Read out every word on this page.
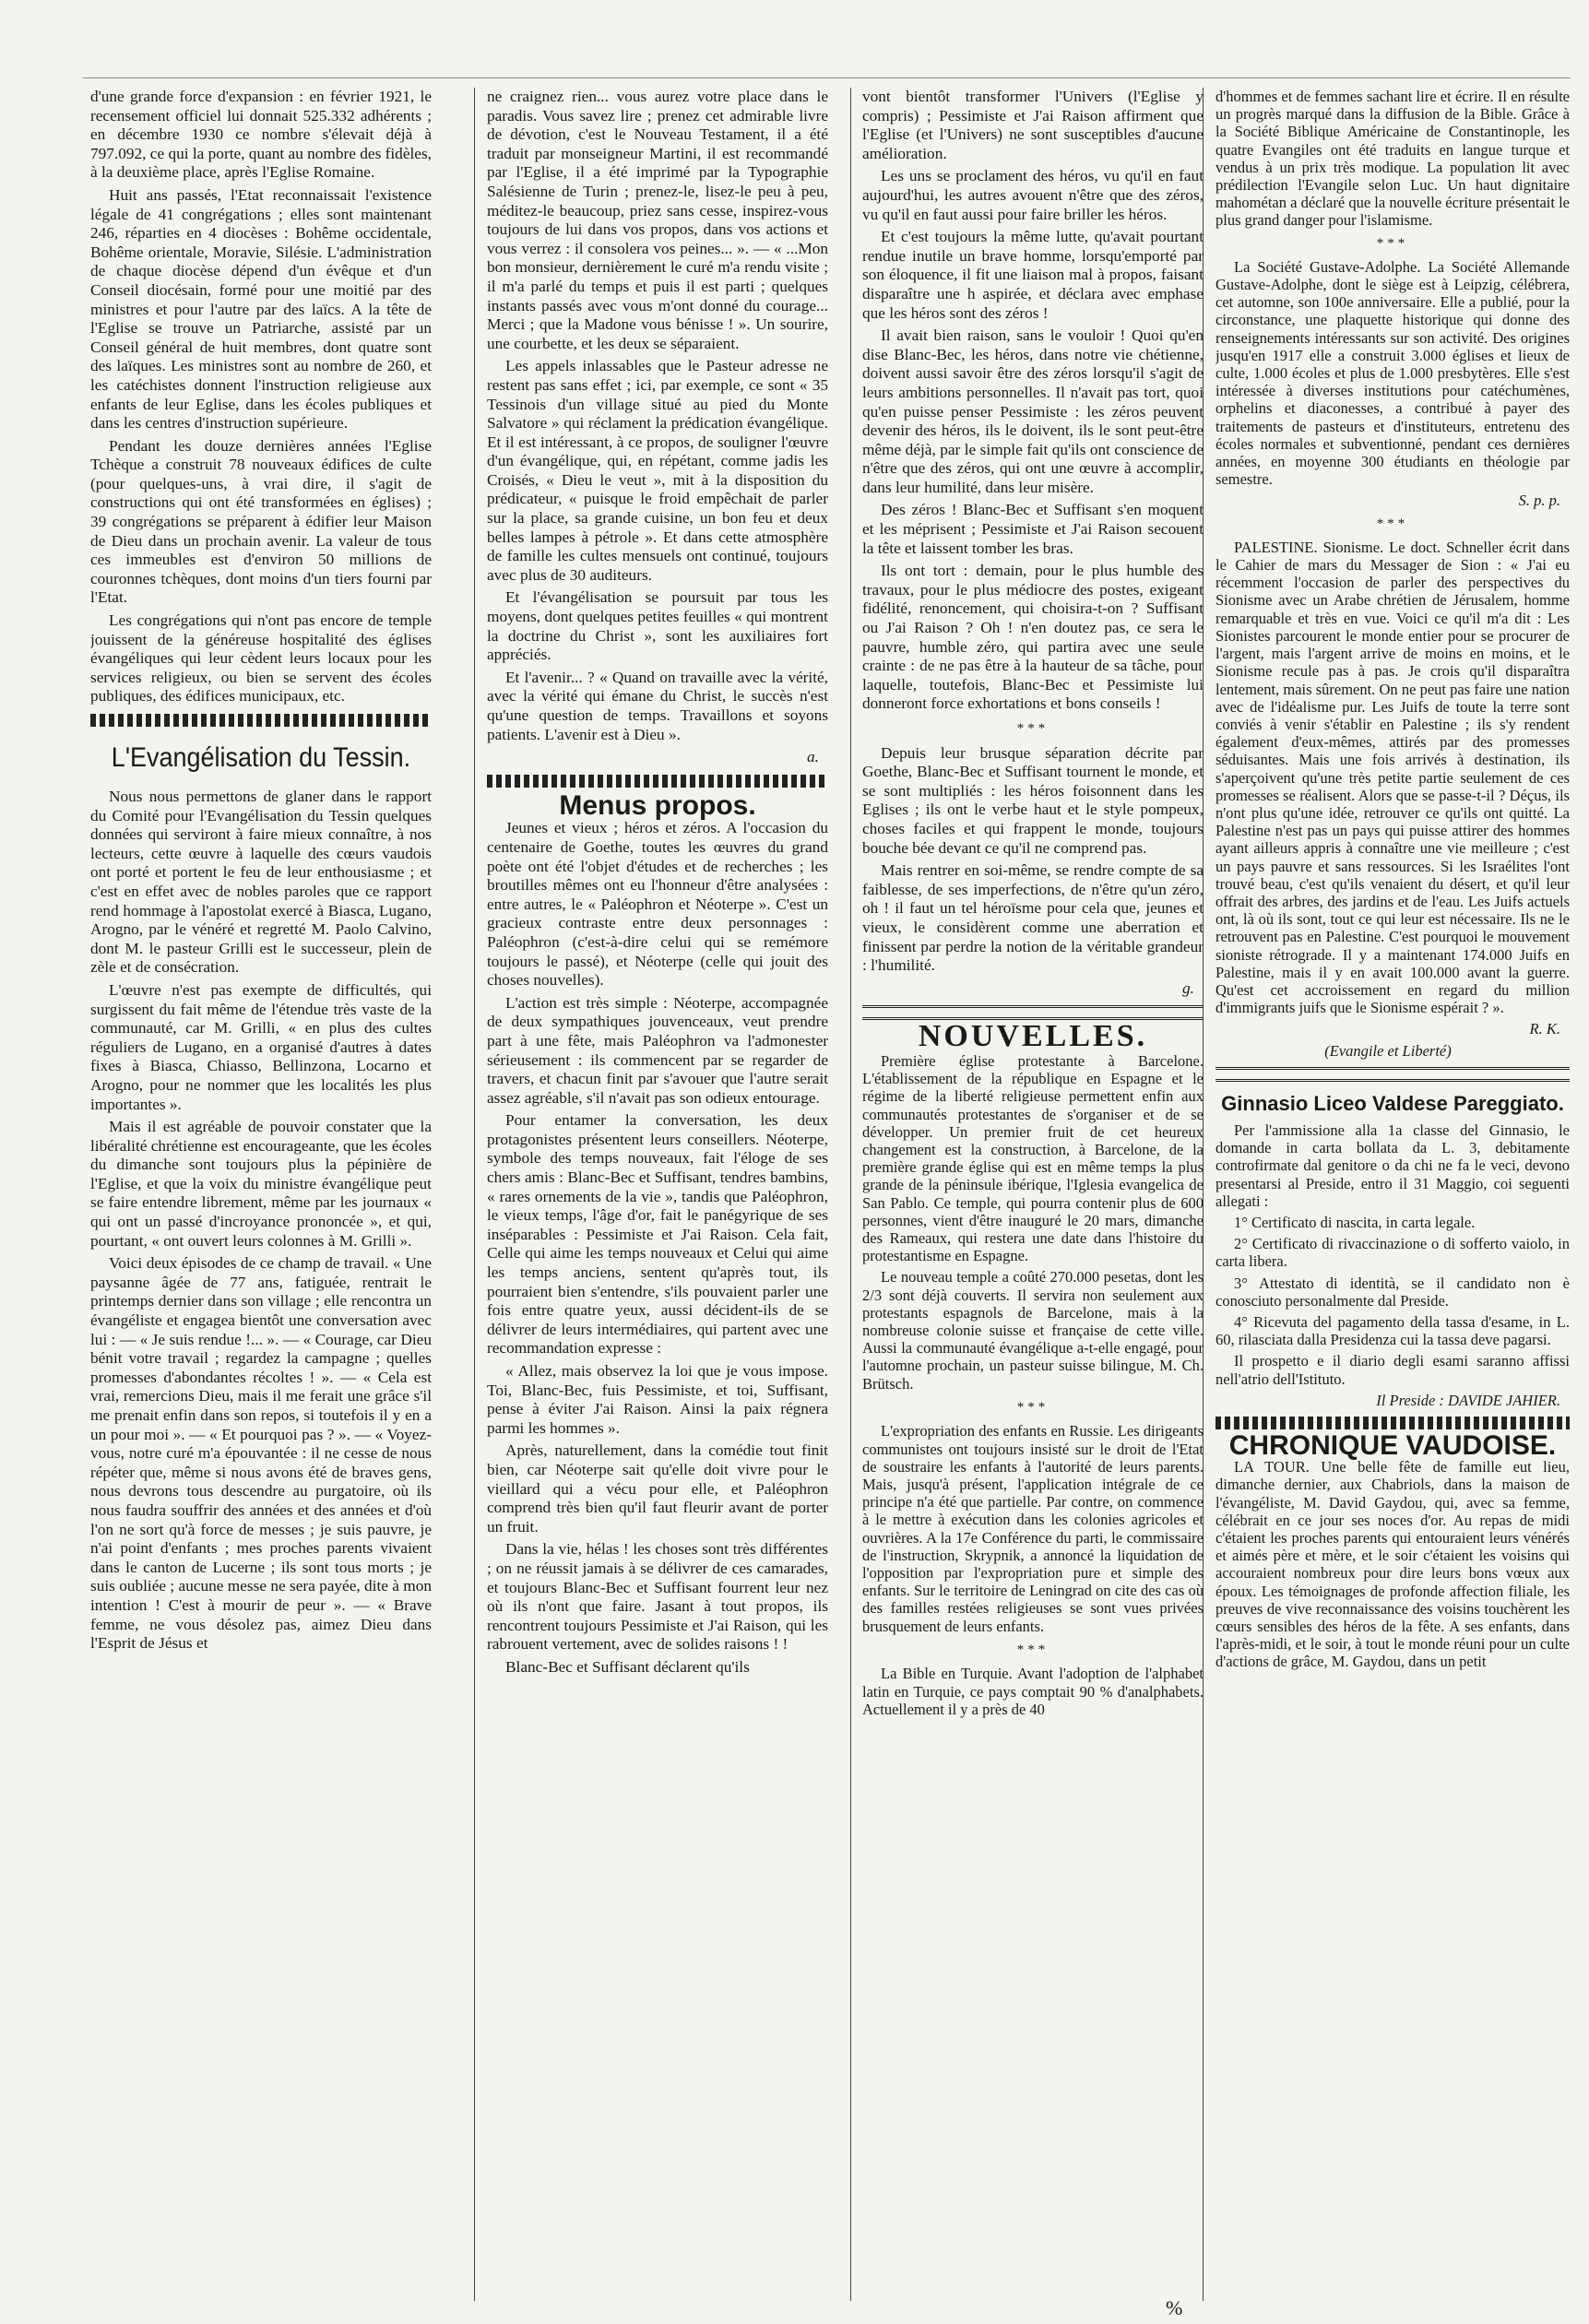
d'une grande force d'expansion : en février 1921, le recensement officiel lui donnait 525.332 adhérents ; en décembre 1930 ce nombre s'élevait déjà à 797.092, ce qui la porte, quant au nombre des fidèles, à la deuxième place, après l'Eglise Romaine.

Huit ans passés, l'Etat reconnaissait l'existence légale de 41 congrégations ; elles sont maintenant 246, réparties en 4 diocèses : Bohême occidentale, Bohême orientale, Moravie, Silésie. L'administration de chaque diocèse dépend d'un évêque et d'un Conseil diocésain, formé pour une moitié par des ministres et pour l'autre par des laïcs. A la tête de l'Eglise se trouve un Patriarche, assisté par un Conseil général de huit membres, dont quatre sont des laïques. Les ministres sont au nombre de 260, et les catéchistes donnent l'instruction religieuse aux enfants de leur Eglise, dans les écoles publiques et dans les centres d'instruction supérieure.

Pendant les douze dernières années l'Eglise Tchèque a construit 78 nouveaux édifices de culte (pour quelques-uns, à vrai dire, il s'agit de constructions qui ont été transformées en églises) ; 39 congrégations se préparent à édifier leur Maison de Dieu dans un prochain avenir. La valeur de tous ces immeubles est d'environ 50 millions de couronnes tchèques, dont moins d'un tiers fourni par l'Etat.

Les congrégations qui n'ont pas encore de temple jouissent de la généreuse hospitalité des églises évangéliques qui leur cèdent leurs locaux pour les services religieux, ou bien se servent des écoles publiques, des édifices municipaux, etc.

L'Evangélisation du Tessin.

Nous nous permettons de glaner dans le rapport du Comité pour l'Evangélisation du Tessin quelques données qui serviront à faire mieux connaître, à nos lecteurs, cette œuvre à laquelle des cœurs vaudois ont porté et portent le feu de leur enthousiasme ; et c'est en effet avec de nobles paroles que ce rapport rend hommage à l'apostolat exercé à Biasca, Lugano, Arogno, par le vénéré et regretté M. Paolo Calvino, dont M. le pasteur Grilli est le successeur, plein de zèle et de consécration.

L'œuvre n'est pas exempte de difficultés, qui surgissent du fait même de l'étendue très vaste de la communauté, car M. Grilli, « en plus des cultes réguliers de Lugano, en a organisé d'autres à dates fixes à Biasca, Chiasso, Bellinzona, Locarno et Arogno, pour ne nommer que les localités les plus importantes ».

Mais il est agréable de pouvoir constater que la libéralité chrétienne est encourageante, que les écoles du dimanche sont toujours plus la pépinière de l'Eglise, et que la voix du ministre évangélique peut se faire entendre librement, même par les journaux « qui ont un passé d'incroyance prononcée », et qui, pourtant, « ont ouvert leurs colonnes à M. Grilli ».

Voici deux épisodes de ce champ de travail. « Une paysanne âgée de 77 ans, fatiguée, rentrait le printemps dernier dans son village ; elle rencontra un évangéliste et engagea bientôt une conversation avec lui : — « Je suis rendue !... ». — « Courage, car Dieu bénit votre travail ; regardez la campagne ; quelles promesses d'abondantes récoltes ! ». — « Cela est vrai, remercions Dieu, mais il me ferait une grâce s'il me prenait enfin dans son repos, si toutefois il y en a un pour moi ». — « Et pourquoi pas ? ». — « Voyez-vous, notre curé m'a épouvantée : il ne cesse de nous répéter que, même si nous avons été de braves gens, nous devrons tous descendre au purgatoire, où ils nous faudra souffrir des années et des années et d'où l'on ne sort qu'à force de messes ; je suis pauvre, je n'ai point d'enfants ; mes proches parents vivaient dans le canton de Lucerne ; ils sont tous morts ; je suis oubliée ; aucune messe ne sera payée, dite à mon intention ! C'est à mourir de peur ». — « Brave femme, ne vous désolez pas, aimez Dieu dans l'Esprit de Jésus et

ne craignez rien... vous aurez votre place dans le paradis. Vous savez lire ; prenez cet admirable livre de dévotion, c'est le Nouveau Testament, il a été traduit par monseigneur Martini, il est recommandé par l'Eglise, il a été imprimé par la Typographie Salésienne de Turin ; prenez-le, lisez-le peu à peu, méditez-le beaucoup, priez sans cesse, inspirez-vous toujours de lui dans vos propos, dans vos actions et vous verrez : il consolera vos peines... ». — « ...Mon bon monsieur, dernièrement le curé m'a rendu visite ; il m'a parlé du temps et puis il est parti ; quelques instants passés avec vous m'ont donné du courage... Merci ; que la Madone vous bénisse ! ». Un sourire, une courbette, et les deux se séparaient.

Les appels inlassables que le Pasteur adresse ne restent pas sans effet ; ici, par exemple, ce sont « 35 Tessinois d'un village situé au pied du Monte Salvatore » qui réclament la prédication évangélique. Et il est intéressant, à ce propos, de souligner l'œuvre d'un évangélique, qui, en répétant, comme jadis les Croisés, « Dieu le veut », mit à la disposition du prédicateur, « puisque le froid empêchait de parler sur la place, sa grande cuisine, un bon feu et deux belles lampes à pétrole ». Et dans cette atmosphère de famille les cultes mensuels ont continué, toujours avec plus de 30 auditeurs.

Et l'évangélisation se poursuit par tous les moyens, dont quelques petites feuilles « qui montrent la doctrine du Christ », sont les auxiliaires fort appréciés.

Et l'avenir... ? « Quand on travaille avec la vérité, avec la vérité qui émane du Christ, le succès n'est qu'une question de temps. Travaillons et soyons patients. L'avenir est à Dieu ».

a.
Menus propos.

Jeunes et vieux ; héros et zéros. A l'occasion du centenaire de Goethe, toutes les œuvres du grand poète ont été l'objet d'études et de recherches ; les broutilles mêmes ont eu l'honneur d'être analysées : entre autres, le « Paléophron et Néoterpe ». C'est un gracieux contraste entre deux personnages : Paléophron (c'est-à-dire celui qui se remémore toujours le passé), et Néoterpe (celle qui jouit des choses nouvelles).

L'action est très simple : Néoterpe, accompagnée de deux sympathiques jouvenceaux, veut prendre part à une fête, mais Paléophron va l'admonester sérieusement : ils commencent par se regarder de travers, et chacun finit par s'avouer que l'autre serait assez agréable, s'il n'avait pas son odieux entourage.

Pour entamer la conversation, les deux protagonistes présentent leurs conseillers. Néoterpe, symbole des temps nouveaux, fait l'éloge de ses chers amis : Blanc-Bec et Suffisant, tendres bambins, « rares ornements de la vie », tandis que Paléophron, le vieux temps, l'âge d'or, fait le panégyrique de ses inséparables : Pessimiste et J'ai Raison. Cela fait, Celle qui aime les temps nouveaux et Celui qui aime les temps anciens, sentent qu'après tout, ils pourraient bien s'entendre, s'ils pouvaient parler une fois entre quatre yeux, aussi décident-ils de se délivrer de leurs intermédiaires, qui partent avec une recommandation expresse :

« Allez, mais observez la loi que je vous impose. Toi, Blanc-Bec, fuis Pessimiste, et toi, Suffisant, pense à éviter J'ai Raison. Ainsi la paix régnera parmi les hommes ».

Après, naturellement, dans la comédie tout finit bien, car Néoterpe sait qu'elle doit vivre pour le vieillard qui a vécu pour elle, et Paléophron comprend très bien qu'il faut fleurir avant de porter un fruit.

Dans la vie, hélas ! les choses sont très différentes ; on ne réussit jamais à se délivrer de ces camarades, et toujours Blanc-Bec et Suffisant fourrent leur nez où ils n'ont que faire. Jasant à tout propos, ils rencontrent toujours Pessimiste et J'ai Raison, qui les rabrouent vertement, avec de solides raisons ! !

Blanc-Bec et Suffisant déclarent qu'ils

vont bientôt transformer l'Univers (l'Eglise y compris) ; Pessimiste et J'ai Raison affirment que l'Eglise (et l'Univers) ne sont susceptibles d'aucune amélioration.

Les uns se proclament des héros, vu qu'il en faut aujourd'hui, les autres avouent n'être que des zéros, vu qu'il en faut aussi pour faire briller les héros.

Et c'est toujours la même lutte, qu'avait pourtant rendue inutile un brave homme, lorsqu'emporté par son éloquence, il fit une liaison mal à propos, faisant disparaître une h aspirée, et déclara avec emphase que les héros sont des zéros !

Il avait bien raison, sans le vouloir ! Quoi qu'en dise Blanc-Bec, les héros, dans notre vie chétienne, doivent aussi savoir être des zéros lorsqu'il s'agit de leurs ambitions personnelles. Il n'avait pas tort, quoi qu'en puisse penser Pessimiste : les zéros peuvent devenir des héros, ils le doivent, ils le sont peut-être même déjà, par le simple fait qu'ils ont conscience de n'être que des zéros, qui ont une œuvre à accomplir, dans leur humilité, dans leur misère.

Des zéros ! Blanc-Bec et Suffisant s'en moquent et les méprisent ; Pessimiste et J'ai Raison secouent la tête et laissent tomber les bras.

Ils ont tort : demain, pour le plus humble des travaux, pour le plus médiocre des postes, exigeant fidélité, renoncement, qui choisira-t-on ? Suffisant ou J'ai Raison ? Oh ! n'en doutez pas, ce sera le pauvre, humble zéro, qui partira avec une seule crainte : de ne pas être à la hauteur de sa tâche, pour laquelle, toutefois, Blanc-Bec et Pessimiste lui donneront force exhortations et bons conseils !

***

Depuis leur brusque séparation décrite par Goethe, Blanc-Bec et Suffisant tournent le monde, et se sont multipliés : les héros foisonnent dans les Eglises ; ils ont le verbe haut et le style pompeux, choses faciles et qui frappent le monde, toujours bouche bée devant ce qu'il ne comprend pas.

Mais rentrer en soi-même, se rendre compte de sa faiblesse, de ses imperfections, de n'être qu'un zéro, oh ! il faut un tel héroïsme pour cela que, jeunes et vieux, le considèrent comme une aberration et finissent par perdre la notion de la véritable grandeur : l'humilité.

g.
NOUVELLES.

Première église protestante à Barcelone. L'établissement de la république en Espagne et le régime de la liberté religieuse permettent enfin aux communautés protestantes de s'organiser et de se développer. Un premier fruit de cet heureux changement est la construction, à Barcelone, de la première grande église qui est en même temps la plus grande de la péninsule ibérique, l'Iglesia evangelica de San Pablo. Ce temple, qui pourra contenir plus de 600 personnes, vient d'être inauguré le 20 mars, dimanche des Rameaux, qui restera une date dans l'histoire du protestantisme en Espagne.

Le nouveau temple a coûté 270.000 pesetas, dont les 2/3 sont déjà couverts. Il servira non seulement aux protestants espagnols de Barcelone, mais à la nombreuse colonie suisse et française de cette ville. Aussi la communauté évangélique a-t-elle engagé, pour l'automne prochain, un pasteur suisse bilingue, M. Ch. Brütsch.

***

L'expropriation des enfants en Russie. Les dirigeants communistes ont toujours insisté sur le droit de l'Etat de soustraire les enfants à l'autorité de leurs parents. Mais, jusqu'à présent, l'application intégrale de ce principe n'a été que partielle. Par contre, on commence à le mettre à exécution dans les colonies agricoles et ouvrières. A la 17e Conférence du parti, le commissaire de l'instruction, Skrypnik, a annoncé la liquidation de l'opposition par l'expropriation pure et simple des enfants. Sur le territoire de Leningrad on cite des cas où des familles restées religieuses se sont vues privées brusquement de leurs enfants.

***

La Bible en Turquie. Avant l'adoption de l'alphabet latin en Turquie, ce pays comptait 90 % d'analphabets. Actuellement il y a près de 40

d'hommes et de femmes sachant lire et écrire. Il en résulte un progrès marqué dans la diffusion de la Bible. Grâce à la Société Biblique Américaine de Constantinople, les quatre Evangiles ont été traduits en langue turque et vendus à un prix très modique. La population lit avec prédilection l'Evangile selon Luc. Un haut dignitaire mahométan a déclaré que la nouvelle écriture présentait le plus grand danger pour l'islamisme.

***

La Société Gustave-Adolphe. La Société Allemande Gustave-Adolphe, dont le siège est à Leipzig, célébrera, cet automne, son 100e anniversaire. Elle a publié, pour la circonstance, une plaquette historique qui donne des renseignements intéressants sur son activité. Des origines jusqu'en 1917 elle a construit 3.000 églises et lieux de culte, 1.000 écoles et plus de 1.000 presbytères. Elle s'est intéressée à diverses institutions pour catéchumènes, orphelins et diaconesses, a contribué à payer des traitements de pasteurs et d'instituteurs, entretenu des écoles normales et subventionné, pendant ces dernières années, en moyenne 300 étudiants en théologie par semestre.

S. p. p.
***

PALESTINE. Sionisme. Le doct. Schneller écrit dans le Cahier de mars du Messager de Sion : « J'ai eu récemment l'occasion de parler des perspectives du Sionisme avec un Arabe chrétien de Jérusalem, homme remarquable et très en vue. Voici ce qu'il m'a dit : Les Sionistes parcourent le monde entier pour se procurer de l'argent, mais l'argent arrive de moins en moins, et le Sionisme recule pas à pas. Je crois qu'il disparaîtra lentement, mais sûrement. On ne peut pas faire une nation avec de l'idéalisme pur. Les Juifs de toute la terre sont conviés à venir s'établir en Palestine ; ils s'y rendent également d'eux-mêmes, attirés par des promesses séduisantes. Mais une fois arrivés à destination, ils s'aperçoivent qu'une très petite partie seulement de ces promesses se réalisent. Alors que se passe-t-il ? Déçus, ils n'ont plus qu'une idée, retrouver ce qu'ils ont quitté. La Palestine n'est pas un pays qui puisse attirer des hommes ayant ailleurs appris à connaître une vie meilleure ; c'est un pays pauvre et sans ressources. Si les Israélites l'ont trouvé beau, c'est qu'ils venaient du désert, et qu'il leur offrait des arbres, des jardins et de l'eau. Les Juifs actuels ont, là où ils sont, tout ce qui leur est nécessaire. Ils ne le retrouvent pas en Palestine. C'est pourquoi le mouvement sioniste rétrograde. Il y a maintenant 174.000 Juifs en Palestine, mais il y en avait 100.000 avant la guerre. Qu'est cet accroissement en regard du million d'immigrants juifs que le Sionisme espérait ? ».

R. K.
(Evangile et Liberté)
Ginnasio Liceo Valdese Pareggiato.

Per l'ammissione alla 1a classe del Ginnasio, le domande in carta bollata da L. 3, debitamente controfirmate dal genitore o da chi ne fa le veci, devono presentarsi al Preside, entro il 31 Maggio, coi seguenti allegati :

1° Certificato di nascita, in carta legale.

2° Certificato di rivaccinazione o di sofferto vaiolo, in carta libera.

3° Attestato di identità, se il candidato non è conosciuto personalmente dal Preside.

4° Ricevuta del pagamento della tassa d'esame, in L. 60, rilasciata dalla Presidenza cui la tassa deve pagarsi.

Il prospetto e il diario degli esami saranno affissi nell'atrio dell'Istituto.

Il Preside : DAVIDE JAHIER.
CHRONIQUE VAUDOISE.

LA TOUR. Une belle fête de famille eut lieu, dimanche dernier, aux Chabriols, dans la maison de l'évangéliste, M. David Gaydou, qui, avec sa femme, célébrait en ce jour ses noces d'or. Au repas de midi c'étaient les proches parents qui entouraient leurs vénérés et aimés père et mère, et le soir c'étaient les voisins qui accouraient nombreux pour dire leurs bons vœux aux époux. Les témoignages de profonde affection filiale, les preuves de vive reconnaissance des voisins touchèrent les cœurs sensibles des héros de la fête. A ses enfants, dans l'après-midi, et le soir, à tout le monde réuni pour un culte d'actions de grâce, M. Gaydou, dans un petit

%
